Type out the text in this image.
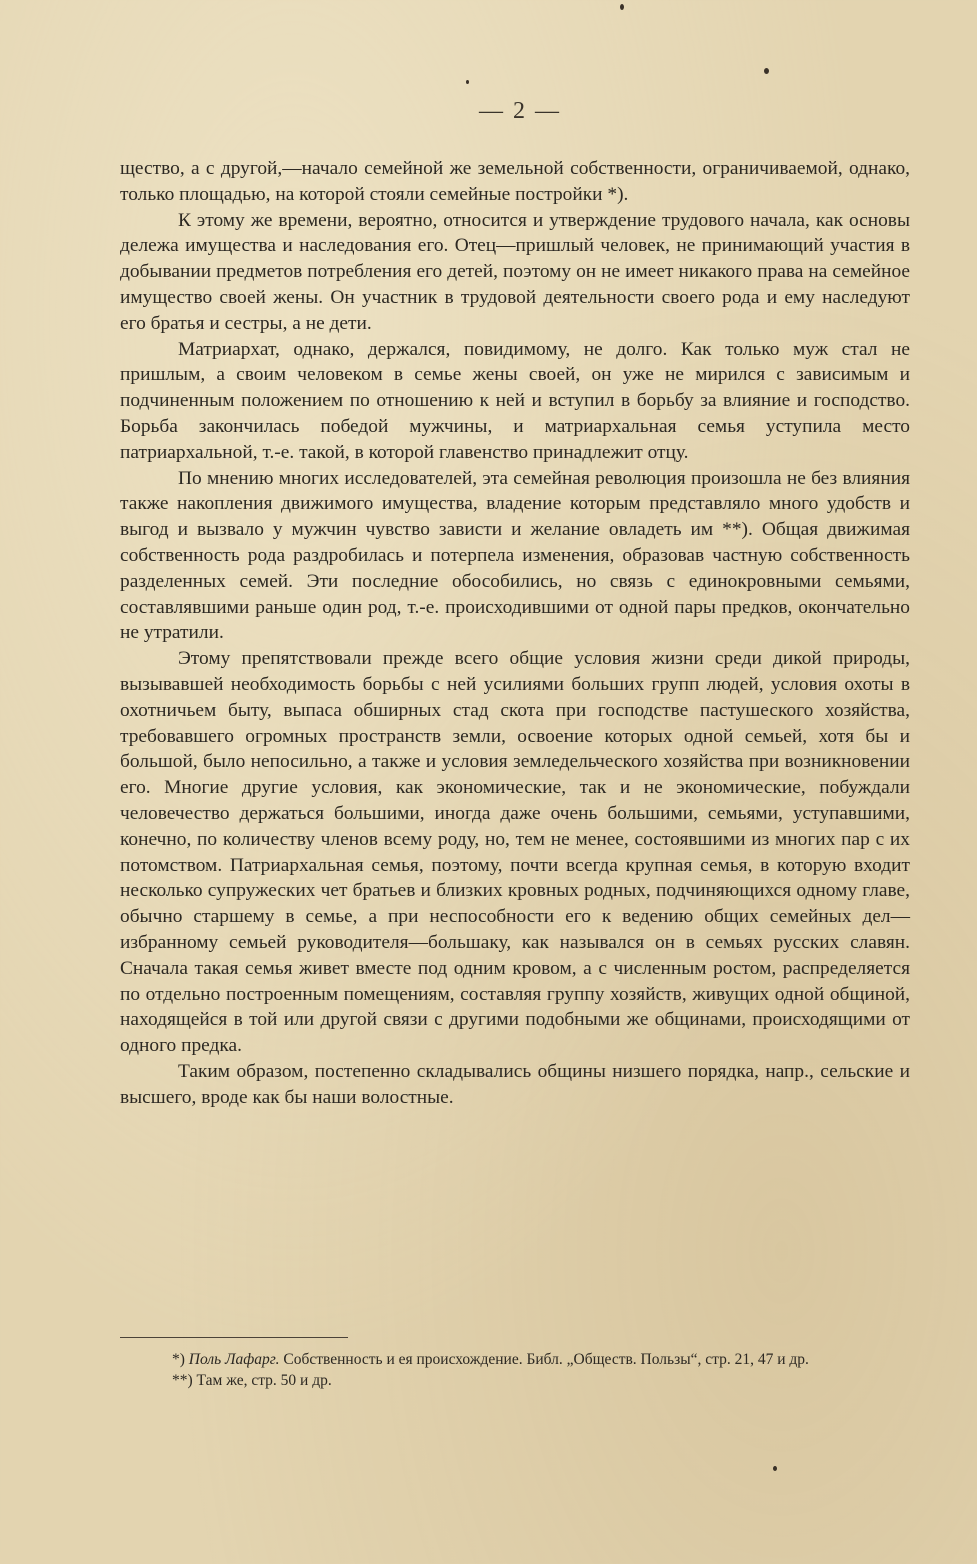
— 2 —

щество, а с другой,—начало семейной же земельной собственности, ограничиваемой, однако, только площадью, на которой стояли семейные постройки *).

К этому же времени, вероятно, относится и утверждение трудового начала, как основы дележа имущества и наследования его. Отец—пришлый человек, не принимающий участия в добывании предметов потребления его детей, поэтому он не имеет никакого права на семейное имущество своей жены. Он участник в трудовой деятельности своего рода и ему наследуют его братья и сестры, а не дети.

Матриархат, однако, держался, повидимому, не долго. Как только муж стал не пришлым, а своим человеком в семье жены своей, он уже не мирился с зависимым и подчиненным положением по отношению к ней и вступил в борьбу за влияние и господство. Борьба закончилась победой мужчины, и матриархальная семья уступила место патриархальной, т.-е. такой, в которой главенство принадлежит отцу.

По мнению многих исследователей, эта семейная революция произошла не без влияния также накопления движимого имущества, владение которым представляло много удобств и выгод и вызвало у мужчин чувство зависти и желание овладеть им **). Общая движимая собственность рода раздробилась и потерпела изменения, образовав частную собственность разделенных семей. Эти последние обособились, но связь с единокровными семьями, составлявшими раньше один род, т.-е. происходившими от одной пары предков, окончательно не утратили.

Этому препятствовали прежде всего общие условия жизни среди дикой природы, вызывавшей необходимость борьбы с ней усилиями больших групп людей, условия охоты в охотничьем быту, выпаса обширных стад скота при господстве пастушеского хозяйства, требовавшего огромных пространств земли, освоение которых одной семьей, хотя бы и большой, было непосильно, а также и условия земледельческого хозяйства при возникновении его. Многие другие условия, как экономические, так и не экономические, побуждали человечество держаться большими, иногда даже очень большими, семьями, уступавшими, конечно, по количеству членов всему роду, но, тем не менее, состоявшими из многих пар с их потомством. Патриархальная семья, поэтому, почти всегда крупная семья, в которую входит несколько супружеских чет братьев и близких кровных родных, подчиняющихся одному главе, обычно старшему в семье, а при неспособности его к ведению общих семейных дел—избранному семьей руководителя—большаку, как назывался он в семьях русских славян. Сначала такая семья живет вместе под одним кровом, а с численным ростом, распределяется по отдельно построенным помещениям, составляя группу хозяйств, живущих одной общиной, находящейся в той или другой связи с другими подобными же общинами, происходящими от одного предка.

Таким образом, постепенно складывались общины низшего порядка, напр., сельские и высшего, вроде как бы наши волостные.

*) Поль Лафарг. Собственность и ея происхождение. Библ. „Обществ. Пользы“, стр. 21, 47 и др.

**) Там же, стр. 50 и др.
